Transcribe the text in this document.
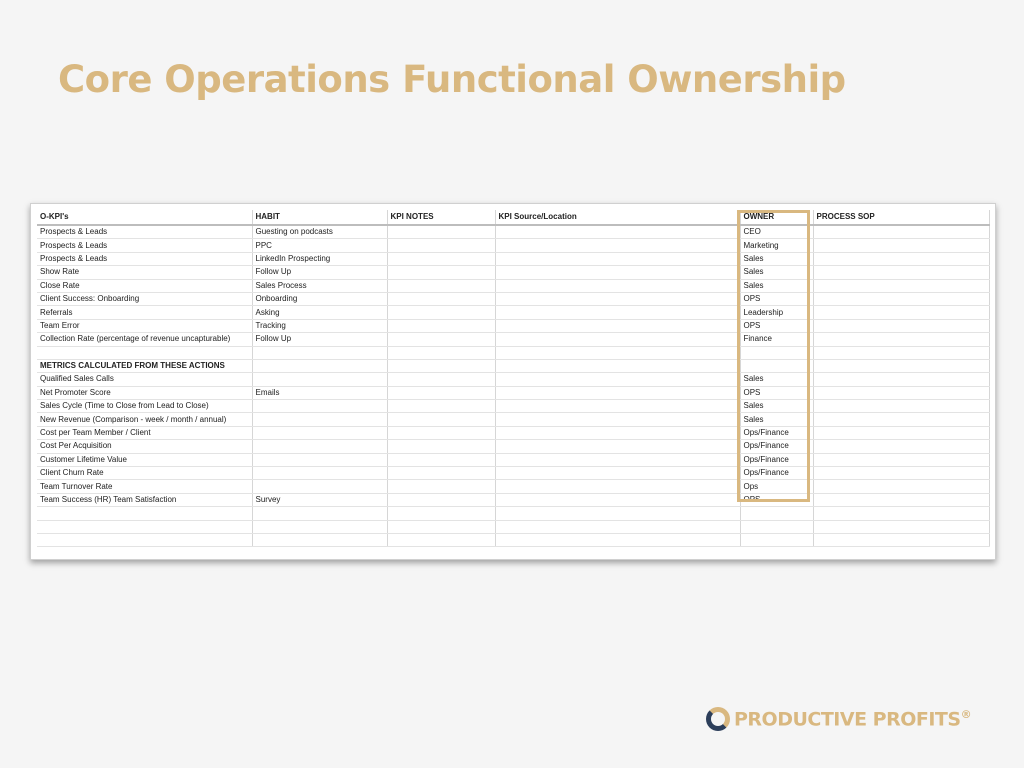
Core Operations Functional Ownership
O-KPI's	HABIT	KPI NOTES	KPI Source/Location	OWNER	PROCESS SOP
Prospects & Leads	Guesting on podcasts			CEO	
Prospects & Leads	PPC			Marketing	
Prospects & Leads	LinkedIn Prospecting			Sales	
Show Rate	Follow Up			Sales	
Close Rate	Sales Process			Sales	
Client Success: Onboarding	Onboarding			OPS	
Referrals	Asking			Leadership	
Team Error	Tracking			OPS	
Collection Rate (percentage of revenue uncapturable)	Follow Up			Finance	

METRICS CALCULATED FROM THESE ACTIONS					
Qualified Sales Calls				Sales	
Net Promoter Score	Emails			OPS	
Sales Cycle (Time to Close from Lead to Close)				Sales	
New Revenue (Comparison - week / month / annual)				Sales	
Cost per Team Member / Client				Ops/Finance	
Cost Per Acquisition				Ops/Finance	
Customer Lifetime Value				Ops/Finance	
Client Churn Rate				Ops/Finance	
Team Turnover Rate				Ops	
Team Success (HR) Team Satisfaction	Survey			OPS	

PRODUCTIVE PROFITS®
